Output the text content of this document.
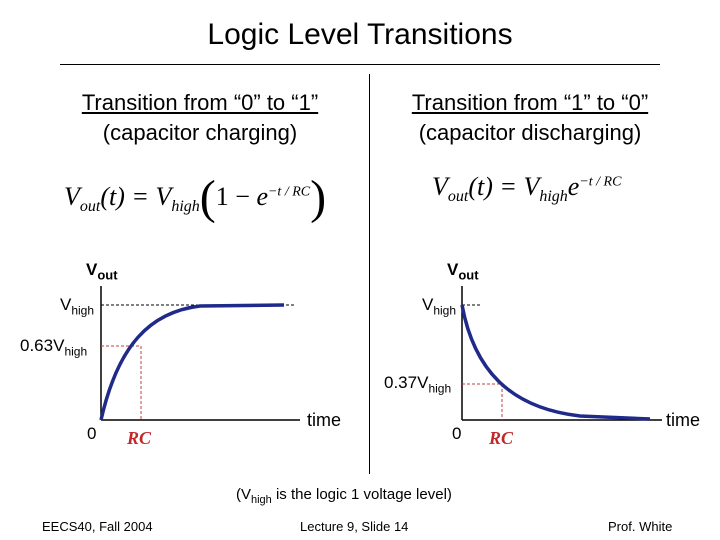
Logic Level Transitions
Transition from “0” to “1”
(capacitor charging)
Transition from “1” to “0”
(capacitor discharging)
$V_{out}(t) = V_{high}(1 - e^{-t / RC})$	$V_{out}(t) = V_{high}e^{-t / RC}$
$V_{out}$
$V_{high}$
$0.63V_{high}$
0 RC
time
$V_{out}$
$V_{high}$
$0.37V_{high}$
0 RC
time
($V_{high}$ is the logic 1 voltage level)
EECS40, Fall 2004	Lecture 9, Slide 14	Prof. White
